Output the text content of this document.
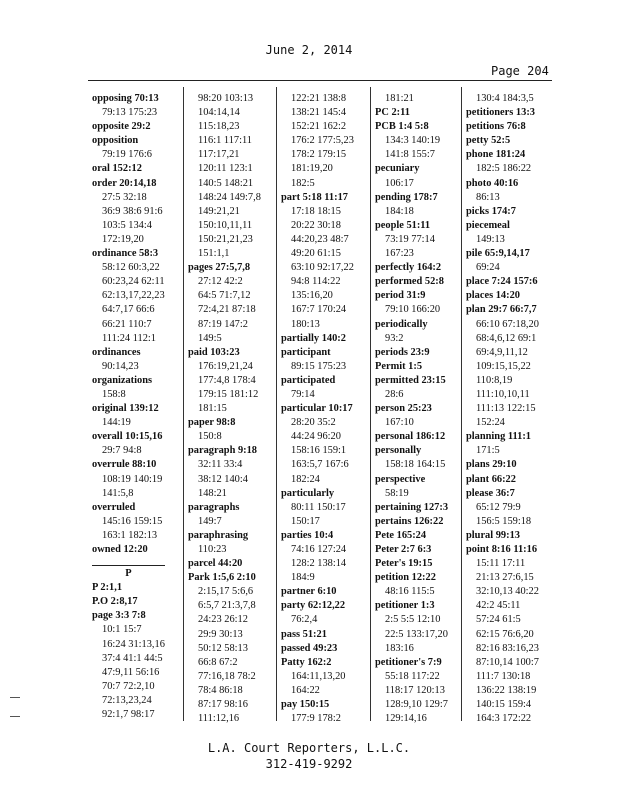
June 2, 2014
Page 204
opposing 70:13
79:13 175:23
opposite 29:2
opposition
79:19 176:6
oral 152:12
order 20:14,18
27:5 32:18
36:9 38:6 91:6
103:5 134:4
172:19,20
ordinance 58:3
58:12 60:3,22
60:23,24 62:11
62:13,17,22,23
64:7,17 66:6
66:21 110:7
111:24 112:1
ordinances
90:14,23
organizations
158:8
original 139:12
144:19
overall 10:15,16
29:7 94:8
overrule 88:10
108:19 140:19
141:5,8
overruled
145:16 159:15
163:1 182:13
owned 12:20
P
P 2:1,1
P.O 2:8,17
page 3:3 7:8
10:1 15:7
16:24 31:13,16
37:4 41:1 44:5
47:9,11 56:16
70:7 72:2,10
72:13,23,24
92:1,7 98:17
98:20 103:13
104:14,14
115:18,23
116:1 117:11
117:17,21
120:11 123:1
140:5 148:21
148:24 149:7,8
149:21,21
150:10,11,11
150:21,21,23
151:1,1
pages 27:5,7,8
27:12 42:2
64:5 71:7,12
72:4,21 87:18
87:19 147:2
149:5
paid 103:23
176:19,21,24
177:4,8 178:4
179:15 181:12
181:15
paper 98:8
150:8
paragraph 9:18
32:11 33:4
38:12 140:4
148:21
paragraphs
149:7
paraphrasing
110:23
parcel 44:20
Park 1:5,6 2:10
2:15,17 5:6,6
6:5,7 21:3,7,8
24:23 26:12
29:9 30:13
50:12 58:13
66:8 67:2
77:16,18 78:2
78:4 86:18
87:17 98:16
111:12,16
122:21 138:8
138:21 145:4
152:21 162:2
176:2 177:5,23
178:2 179:15
181:19,20
182:5
part 5:18 11:17
17:18 18:15
20:22 30:18
44:20,23 48:7
49:20 61:15
63:10 92:17,22
94:8 114:22
135:16,20
167:7 170:24
180:13
partially 140:2
participant
89:15 175:23
participated
79:14
particular 10:17
28:20 35:2
44:24 96:20
158:16 159:1
163:5,7 167:6
182:24
particularly
80:11 150:17
150:17
parties 10:4
74:16 127:24
128:2 138:14
184:9
partner 6:10
party 62:12,22
76:2,4
pass 51:21
passed 49:23
Patty 162:2
164:11,13,20
164:22
pay 150:15
177:9 178:2
181:21
PC 2:11
PCB 1:4 5:8
134:3 140:19
141:8 155:7
pecuniary
106:17
pending 178:7
184:18
people 51:11
73:19 77:14
167:23
perfectly 164:2
performed 52:8
period 31:9
79:10 166:20
periodically
93:2
periods 23:9
Permit 1:5
permitted 23:15
28:6
person 25:23
167:10
personal 186:12
personally
158:18 164:15
perspective
58:19
pertaining 127:3
pertains 126:22
Pete 165:24
Peter 2:7 6:3
Peter's 19:15
petition 12:22
48:16 115:5
petitioner 1:3
2:5 5:5 12:10
22:5 133:17,20
183:16
petitioner's 7:9
55:18 117:22
118:17 120:13
128:9,10 129:7
129:14,16
130:4 184:3,5
petitioners 13:3
petitions 76:8
petty 52:5
phone 181:24
182:5 186:22
photo 40:16
86:13
picks 174:7
piecemeal
149:13
pile 65:9,14,17
69:24
place 7:24 157:6
places 14:20
plan 29:7 66:7,7
66:10 67:18,20
68:4,6,12 69:1
69:4,9,11,12
109:15,15,22
110:8,19
111:10,10,11
111:13 122:15
152:24
planning 111:1
171:5
plans 29:10
plant 66:22
please 36:7
65:12 79:9
156:5 159:18
plural 99:13
point 8:16 11:16
15:11 17:11
21:13 27:6,15
32:10,13 40:22
42:2 45:11
57:24 61:5
62:15 76:6,20
82:16 83:16,23
87:10,14 100:7
111:7 130:18
136:22 138:19
140:15 159:4
164:3 172:22
L.A. Court Reporters, L.L.C.
312-419-9292
